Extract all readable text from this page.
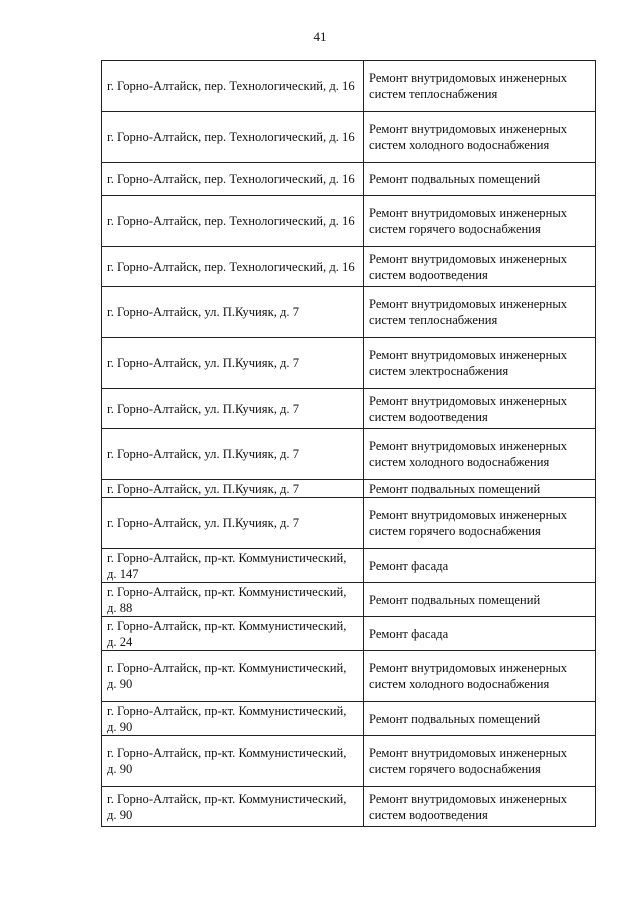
41
г. Горно-Алтайск, пер. Технологический, д. 16	Ремонт внутридомовых инженерных систем теплоснабжения
г. Горно-Алтайск, пер. Технологический, д. 16	Ремонт внутридомовых инженерных систем холодного водоснабжения
г. Горно-Алтайск, пер. Технологический, д. 16	Ремонт подвальных помещений
г. Горно-Алтайск, пер. Технологический, д. 16	Ремонт внутридомовых инженерных систем горячего водоснабжения
г. Горно-Алтайск, пер. Технологический, д. 16	Ремонт внутридомовых инженерных систем водоотведения
г. Горно-Алтайск, ул. П.Кучияк, д. 7	Ремонт внутридомовых инженерных систем теплоснабжения
г. Горно-Алтайск, ул. П.Кучияк, д. 7	Ремонт внутридомовых инженерных систем электроснабжения
г. Горно-Алтайск, ул. П.Кучияк, д. 7	Ремонт внутридомовых инженерных систем водоотведения
г. Горно-Алтайск, ул. П.Кучияк, д. 7	Ремонт внутридомовых инженерных систем холодного водоснабжения
г. Горно-Алтайск, ул. П.Кучияк, д. 7	Ремонт подвальных помещений
г. Горно-Алтайск, ул. П.Кучияк, д. 7	Ремонт внутридомовых инженерных систем горячего водоснабжения
г. Горно-Алтайск, пр-кт. Коммунистический, д. 147	Ремонт фасада
г. Горно-Алтайск, пр-кт. Коммунистический, д. 88	Ремонт подвальных помещений
г. Горно-Алтайск, пр-кт. Коммунистический, д. 24	Ремонт фасада
г. Горно-Алтайск, пр-кт. Коммунистический, д. 90	Ремонт внутридомовых инженерных систем холодного водоснабжения
г. Горно-Алтайск, пр-кт. Коммунистический, д. 90	Ремонт подвальных помещений
г. Горно-Алтайск, пр-кт. Коммунистический, д. 90	Ремонт внутридомовых инженерных систем горячего водоснабжения
г. Горно-Алтайск, пр-кт. Коммунистический, д. 90	Ремонт внутридомовых инженерных систем водоотведения
